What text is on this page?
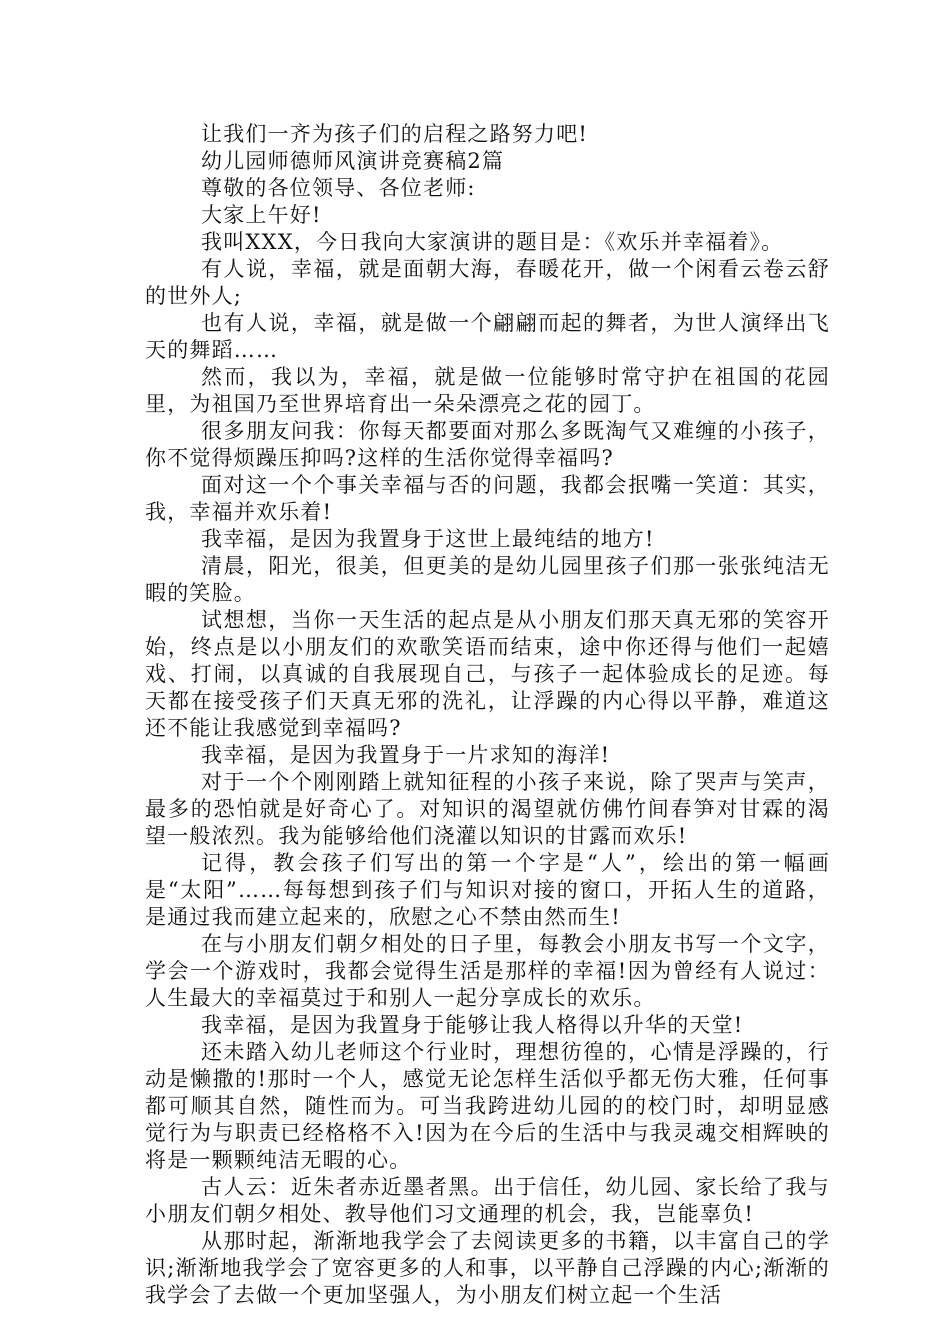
让我们一齐为孩子们的启程之路努力吧!

幼儿园师德师风演讲竞赛稿2篇

尊敬的各位领导、各位老师:

大家上午好!

我叫XXX，今日我向大家演讲的题目是：《欢乐并幸福着》。

有人说，幸福，就是面朝大海，春暖花开，做一个闲看云卷云舒的世外人;

也有人说，幸福，就是做一个翩翩而起的舞者，为世人演绎出飞天的舞蹈……

然而，我以为，幸福，就是做一位能够时常守护在祖国的花园里，为祖国乃至世界培育出一朵朵漂亮之花的园丁。

很多朋友问我：你每天都要面对那么多既淘气又难缠的小孩子，你不觉得烦躁压抑吗?这样的生活你觉得幸福吗?

面对这一个个事关幸福与否的问题，我都会抿嘴一笑道：其实，我，幸福并欢乐着!

我幸福，是因为我置身于这世上最纯结的地方!

清晨，阳光，很美，但更美的是幼儿园里孩子们那一张张纯洁无暇的笑脸。

试想想，当你一天生活的起点是从小朋友们那天真无邪的笑容开始，终点是以小朋友们的欢歌笑语而结束，途中你还得与他们一起嬉戏、打闹，以真诚的自我展现自己，与孩子一起体验成长的足迹。每天都在接受孩子们天真无邪的洗礼，让浮躁的内心得以平静，难道这还不能让我感觉到幸福吗?

我幸福，是因为我置身于一片求知的海洋!

对于一个个刚刚踏上就知征程的小孩子来说，除了哭声与笑声，最多的恐怕就是好奇心了。对知识的渴望就仿佛竹间春笋对甘霖的渴望一般浓烈。我为能够给他们浇灌以知识的甘露而欢乐!

记得，教会孩子们写出的第一个字是“人”，绘出的第一幅画是“太阳”……每每想到孩子们与知识对接的窗口，开拓人生的道路，是通过我而建立起来的，欣慰之心不禁由然而生!

在与小朋友们朝夕相处的日子里，每教会小朋友书写一个文字，学会一个游戏时，我都会觉得生活是那样的幸福!因为曾经有人说过：人生最大的幸福莫过于和别人一起分享成长的欢乐。

我幸福，是因为我置身于能够让我人格得以升华的天堂!

还未踏入幼儿老师这个行业时，理想彷徨的，心情是浮躁的，行动是懒撒的!那时一个人，感觉无论怎样生活似乎都无伤大雅，任何事都可顺其自然，随性而为。可当我跨进幼儿园的的校门时，却明显感觉行为与职责已经格格不入!因为在今后的生活中与我灵魂交相辉映的将是一颗颗纯洁无暇的心。

古人云：近朱者赤近墨者黑。出于信任，幼儿园、家长给了我与小朋友们朝夕相处、教导他们习文通理的机会，我，岂能辜负!

从那时起，渐渐地我学会了去阅读更多的书籍，以丰富自己的学识;渐渐地我学会了宽容更多的人和事，以平静自己浮躁的内心;渐渐的我学会了去做一个更加坚强人，为小朋友们树立起一个生活
